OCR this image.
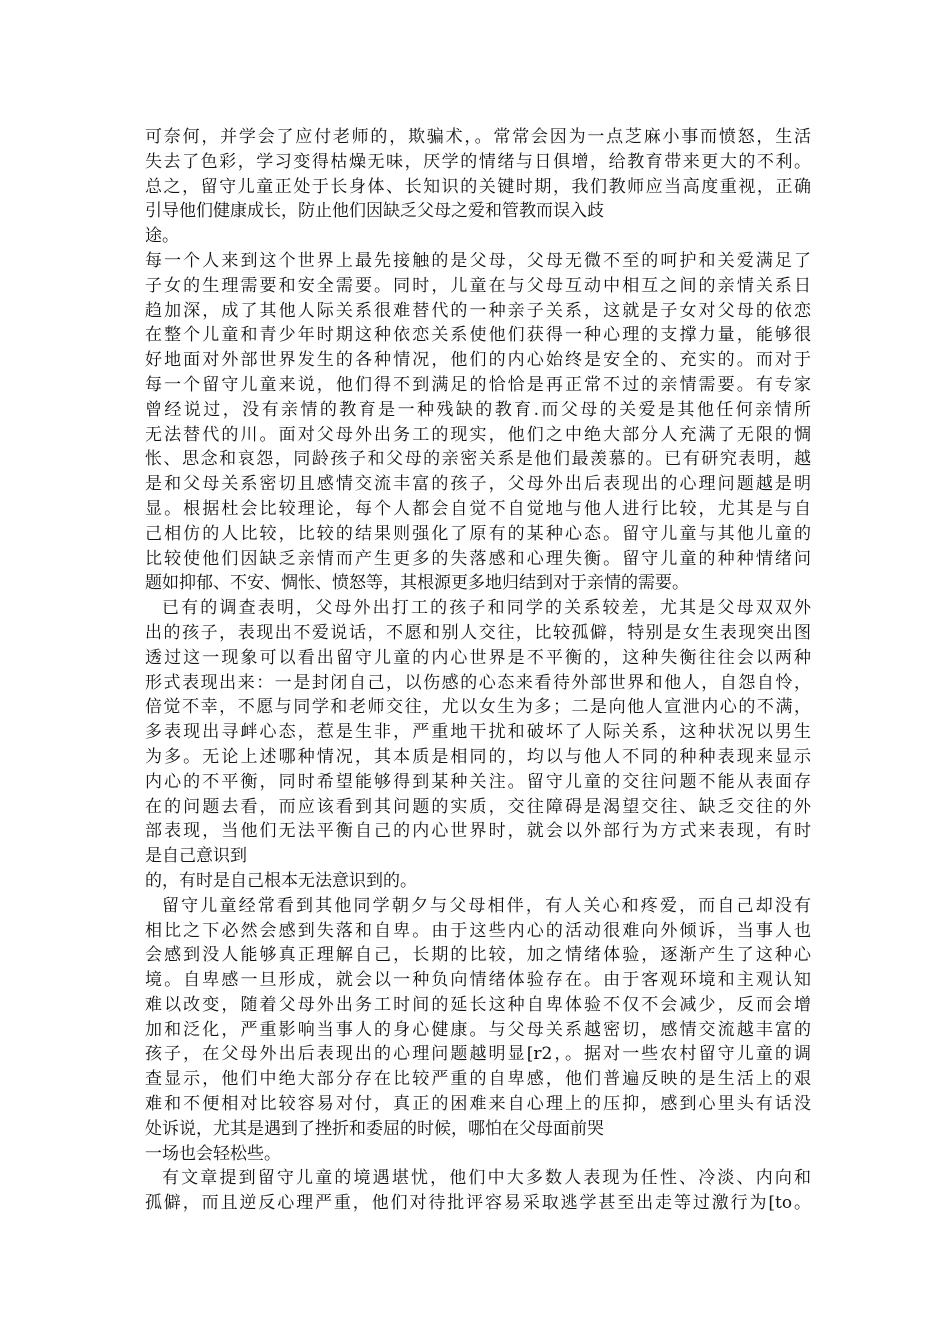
可奈何，并学会了应付老师的，欺骗术，。常常会因为一点芝麻小事而愤怒，生活
失去了色彩，学习变得枯燥无味，厌学的情绪与日俱增，给教育带来更大的不利。
总之，留守儿童正处于长身体、长知识的关键时期，我们教师应当高度重视，正确
引导他们健康成长，防止他们因缺乏父母之爱和管教而误入歧
途。
每一个人来到这个世界上最先接触的是父母，父母无微不至的呵护和关爱满足了
子女的生理需要和安全需要。同时，儿童在与父母互动中相互之间的亲情关系日
趋加深，成了其他人际关系很难替代的一种亲子关系，这就是子女对父母的依恋
在整个儿童和青少年时期这种依恋关系使他们获得一种心理的支撑力量，能够很
好地面对外部世界发生的各种情况，他们的内心始终是安全的、充实的。而对于
每一个留守儿童来说，他们得不到满足的恰恰是再正常不过的亲情需要。有专家
曾经说过，没有亲情的教育是一种残缺的教育.而父母的关爱是其他任何亲情所
无法替代的川。面对父母外出务工的现实，他们之中绝大部分人充满了无限的惆
怅、思念和哀怨，同龄孩子和父母的亲密关系是他们最羡慕的。已有研究表明，越
是和父母关系密切且感情交流丰富的孩子，父母外出后表现出的心理问题越是明
显。根据杜会比较理论，每个人都会自觉不自觉地与他人进行比较，尤其是与自
己相仿的人比较，比较的结果则强化了原有的某种心态。留守儿童与其他儿童的
比较使他们因缺乏亲情而产生更多的失落感和心理失衡。留守儿童的种种情绪问
题如抑郁、不安、惆怅、愤怒等，其根源更多地归结到对于亲情的需要。
已有的调查表明，父母外出打工的孩子和同学的关系较差，尤其是父母双双外
出的孩子，表现出不爱说话，不愿和别人交往，比较孤僻，特别是女生表现突出图
透过这一现象可以看出留守儿童的内心世界是不平衡的，这种失衡往往会以两种
形式表现出来：一是封闭自己，以伤感的心态来看待外部世界和他人，自怨自怜，
倍觉不幸，不愿与同学和老师交往，尤以女生为多；二是向他人宣泄内心的不满，
多表现出寻衅心态，惹是生非，严重地干扰和破坏了人际关系，这种状况以男生
为多。无论上述哪种情况，其本质是相同的，均以与他人不同的种种表现来显示
内心的不平衡，同时希望能够得到某种关注。留守儿童的交往问题不能从表面存
在的问题去看，而应该看到其问题的实质，交往障碍是渴望交往、缺乏交往的外
部表现，当他们无法平衡自己的内心世界时，就会以外部行为方式来表现，有时
是自己意识到
的，有时是自己根本无法意识到的。
留守儿童经常看到其他同学朝夕与父母相伴，有人关心和疼爱，而自己却没有
相比之下必然会感到失落和自卑。由于这些内心的活动很难向外倾诉，当事人也
会感到没人能够真正理解自己，长期的比较，加之情绪体验，逐渐产生了这种心
境。自卑感一旦形成，就会以一种负向情绪体验存在。由于客观环境和主观认知
难以改变，随着父母外出务工时间的延长这种自卑体验不仅不会减少，反而会增
加和泛化，严重影响当事人的身心健康。与父母关系越密切，感情交流越丰富的
孩子，在父母外出后表现出的心理问题越明显[r2，。据对一些农村留守儿童的调
查显示，他们中绝大部分存在比较严重的自卑感，他们普遍反映的是生活上的艰
难和不便相对比较容易对付，真正的困难来自心理上的压抑，感到心里头有话没
处诉说，尤其是遇到了挫折和委屈的时候，哪怕在父母面前哭
一场也会轻松些。
有文章提到留守儿童的境遇堪忧，他们中大多数人表现为任性、冷淡、内向和
孤僻，而且逆反心理严重，他们对待批评容易采取逃学甚至出走等过激行为[to。
